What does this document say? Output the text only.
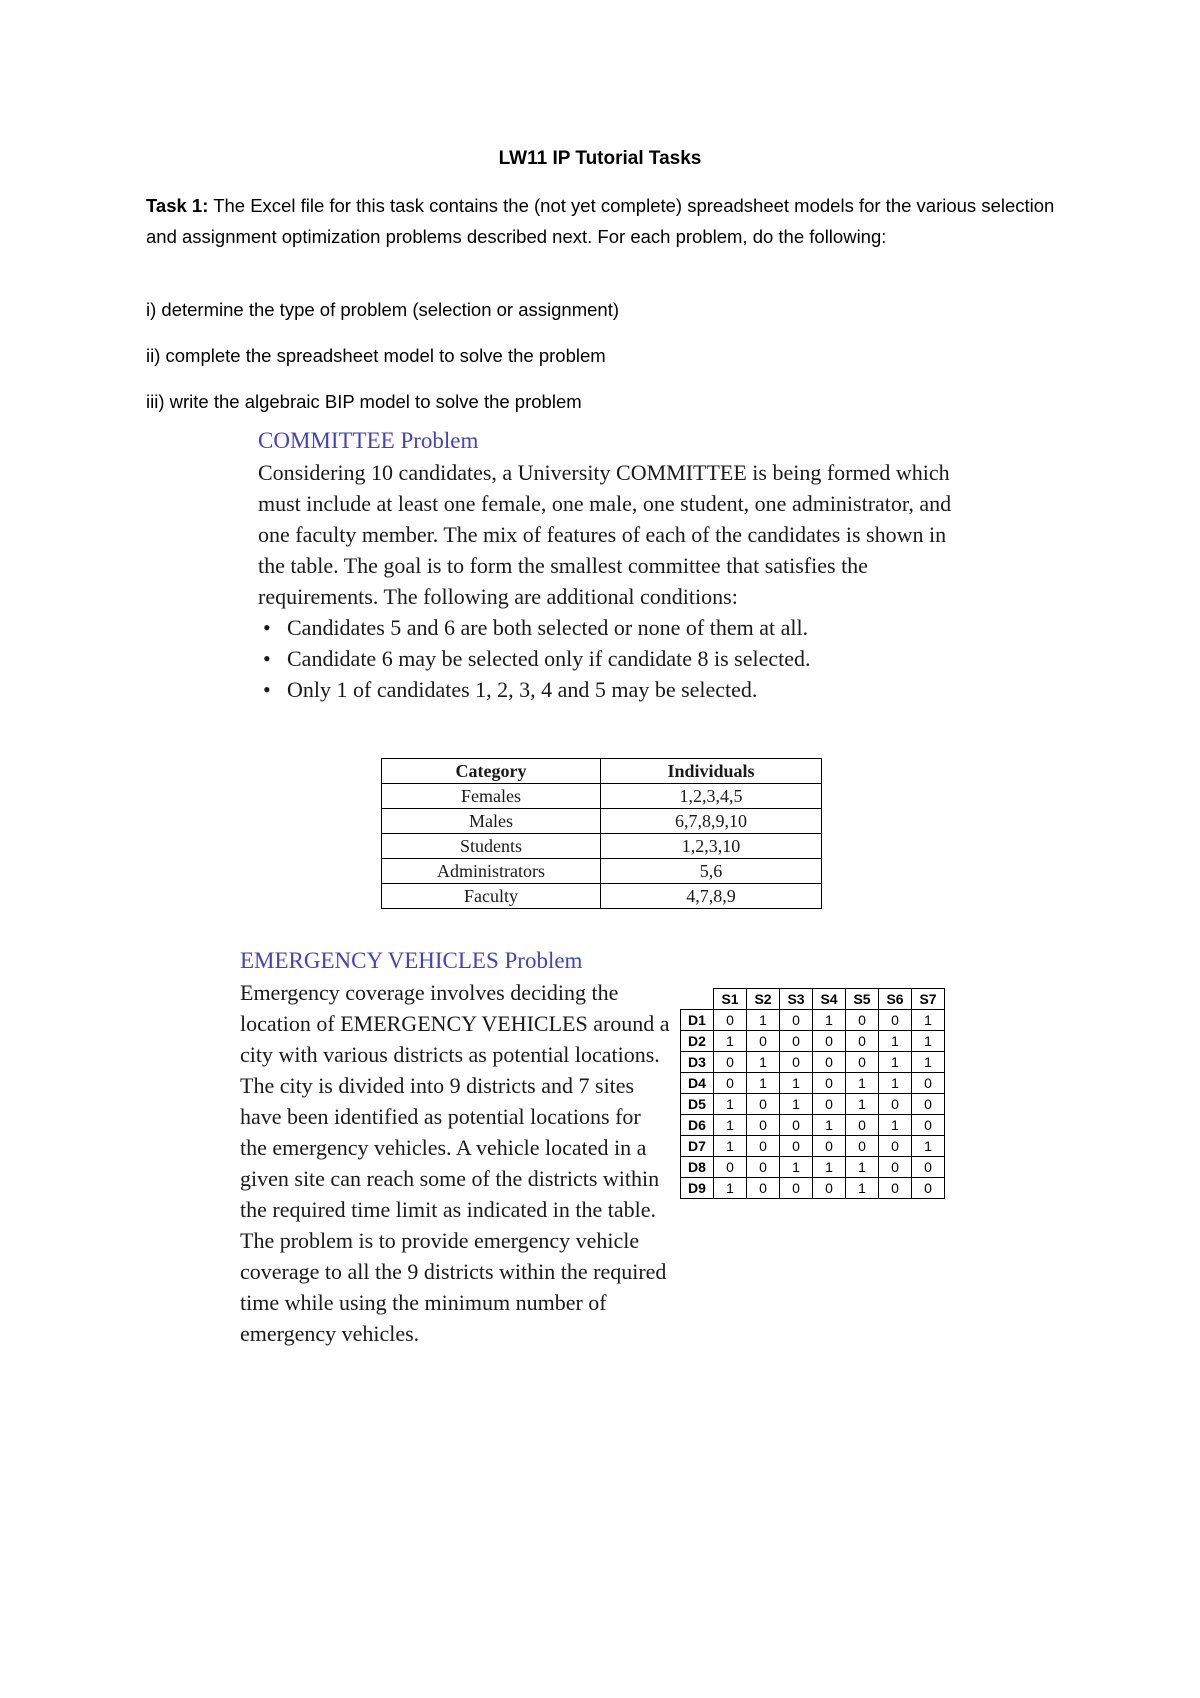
LW11 IP Tutorial Tasks

Task 1: The Excel file for this task contains the (not yet complete) spreadsheet models for the various selection and assignment optimization problems described next. For each problem, do the following:

i) determine the type of problem (selection or assignment)
ii) complete the spreadsheet model to solve the problem
iii) write the algebraic BIP model to solve the problem
COMMITTEE Problem

Considering 10 candidates, a University COMMITTEE is being formed which must include at least one female, one male, one student, one administrator, and one faculty member. The mix of features of each of the candidates is shown in the table. The goal is to form the smallest committee that satisfies the requirements. The following are additional conditions:

• Candidates 5 and 6 are both selected or none of them at all.
• Candidate 6 may be selected only if candidate 8 is selected.
• Only 1 of candidates 1, 2, 3, 4 and 5 may be selected.
Category	Individuals
Females	1,2,3,4,5
Males	6,7,8,9,10
Students	1,2,3,10
Administrators	5,6
Faculty	4,7,8,9
EMERGENCY VEHICLES Problem

Emergency coverage involves deciding the location of EMERGENCY VEHICLES around a city with various districts as potential locations. The city is divided into 9 districts and 7 sites have been identified as potential locations for the emergency vehicles. A vehicle located in a given site can reach some of the districts within the required time limit as indicated in the table. The problem is to provide emergency vehicle coverage to all the 9 districts within the required time while using the minimum number of emergency vehicles.

	S1	S2	S3	S4	S5	S6	S7
D1	0	1	0	1	0	0	1
D2	1	0	0	0	0	1	1
D3	0	1	0	0	0	1	1
D4	0	1	1	0	1	1	0
D5	1	0	1	0	1	0	0
D6	1	0	0	1	0	1	0
D7	1	0	0	0	0	0	1
D8	0	0	1	1	1	0	0
D9	1	0	0	0	1	0	0
